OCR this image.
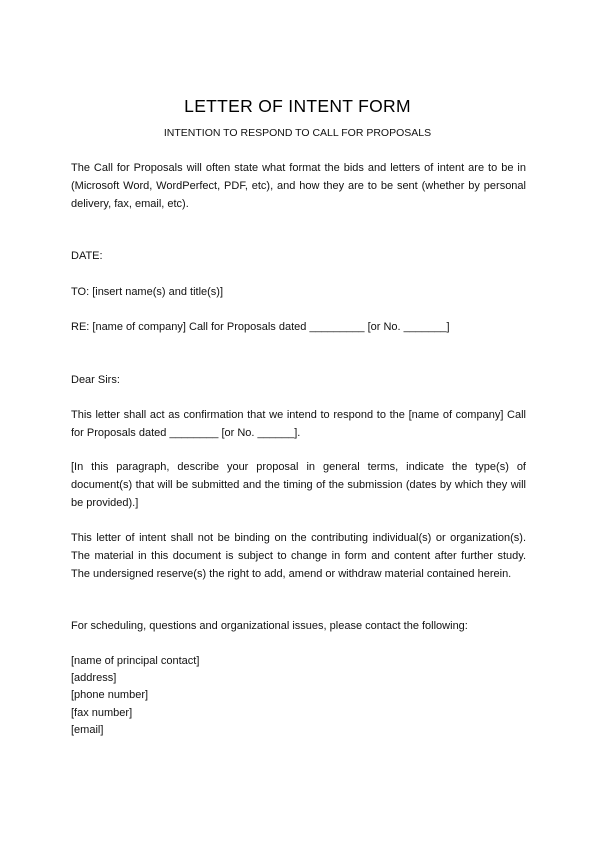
LETTER OF INTENT FORM
INTENTION TO RESPOND TO CALL FOR PROPOSALS
The Call for Proposals will often state what format the bids and letters of intent are to be in (Microsoft Word, WordPerfect, PDF, etc), and how they are to be sent (whether by personal delivery, fax, email, etc).
DATE:
TO: [insert name(s) and title(s)]
RE: [name of company] Call for Proposals dated _________ [or No. _______]
Dear Sirs:
This letter shall act as confirmation that we intend to respond to the [name of company] Call for Proposals dated ________ [or No. ______].
[In this paragraph, describe your proposal in general terms, indicate the type(s) of document(s) that will be submitted and the timing of the submission (dates by which they will be provided).]
This letter of intent shall not be binding on the contributing individual(s) or organization(s). The material in this document is subject to change in form and content after further study. The undersigned reserve(s) the right to add, amend or withdraw material contained herein.
For scheduling, questions and organizational issues, please contact the following:
[name of principal contact]
[address]
[phone number]
[fax number]
[email]
